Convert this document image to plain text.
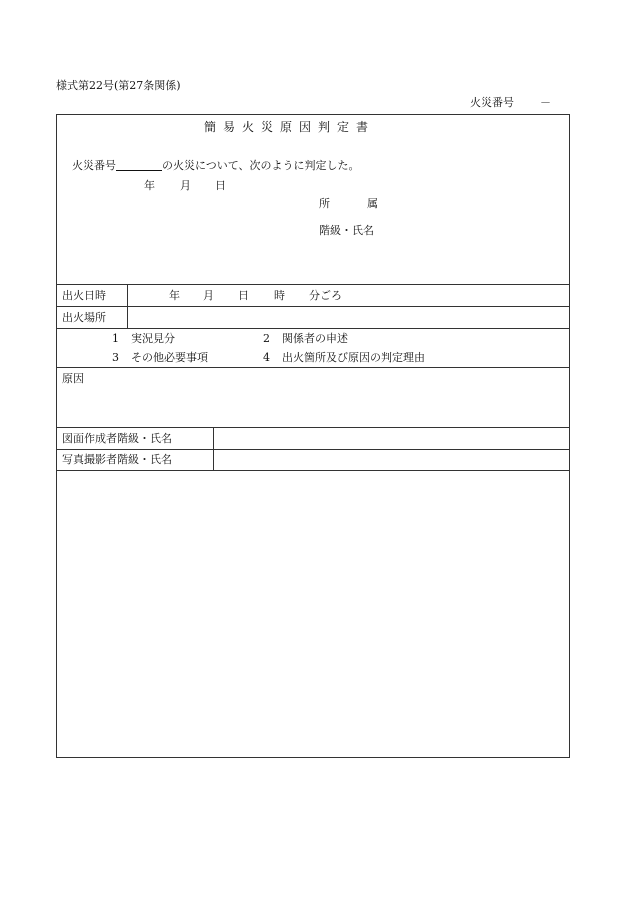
様式第22号(第27条関係)
火災番号 －
簡易火災原因判定書
火災番号	の火災について、次のように判定した。
年 月 日
所	属
階級・氏名
出火日時	年 月 日 時 分ごろ
出火場所
1 実況見分	2 関係者の申述
3 その他必要事項	4 出火箇所及び原因の判定理由
原因
図面作成者階級・氏名
写真撮影者階級・氏名
